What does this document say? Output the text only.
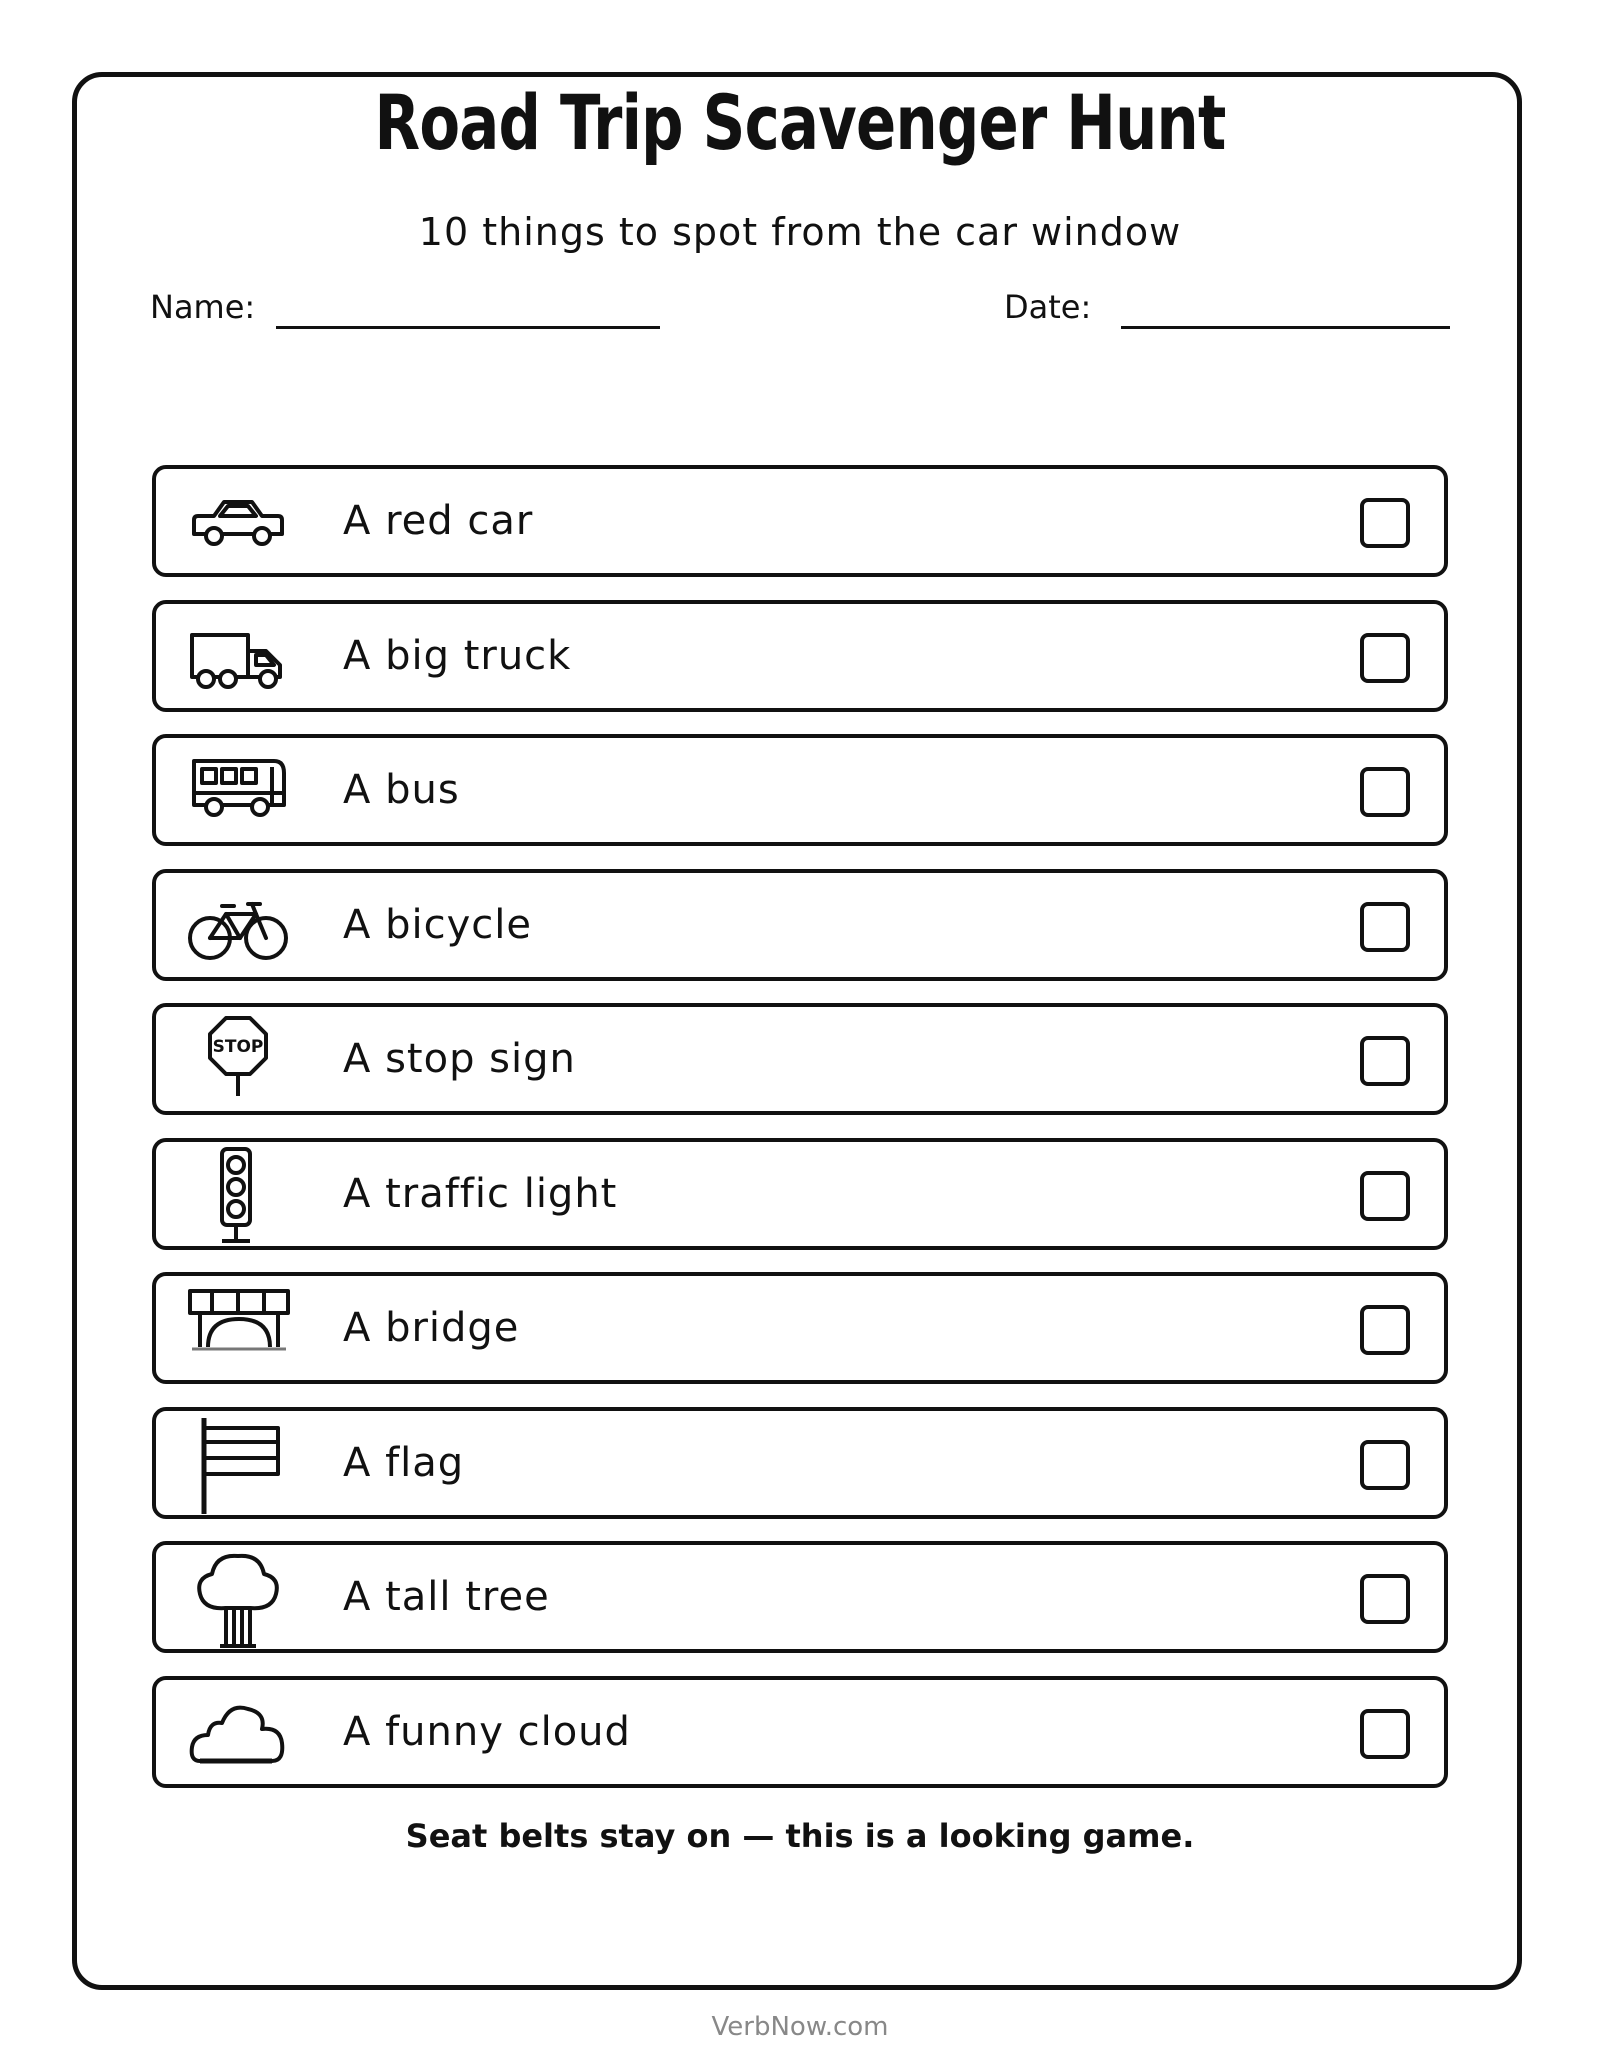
Road Trip Scavenger Hunt
10 things to spot from the car window
Name:	Date:
A red car
A big truck
A bus
A bicycle
STOP A stop sign
A traffic light
A bridge
A flag
A tall tree
A funny cloud
Seat belts stay on — this is a looking game.
VerbNow.com
